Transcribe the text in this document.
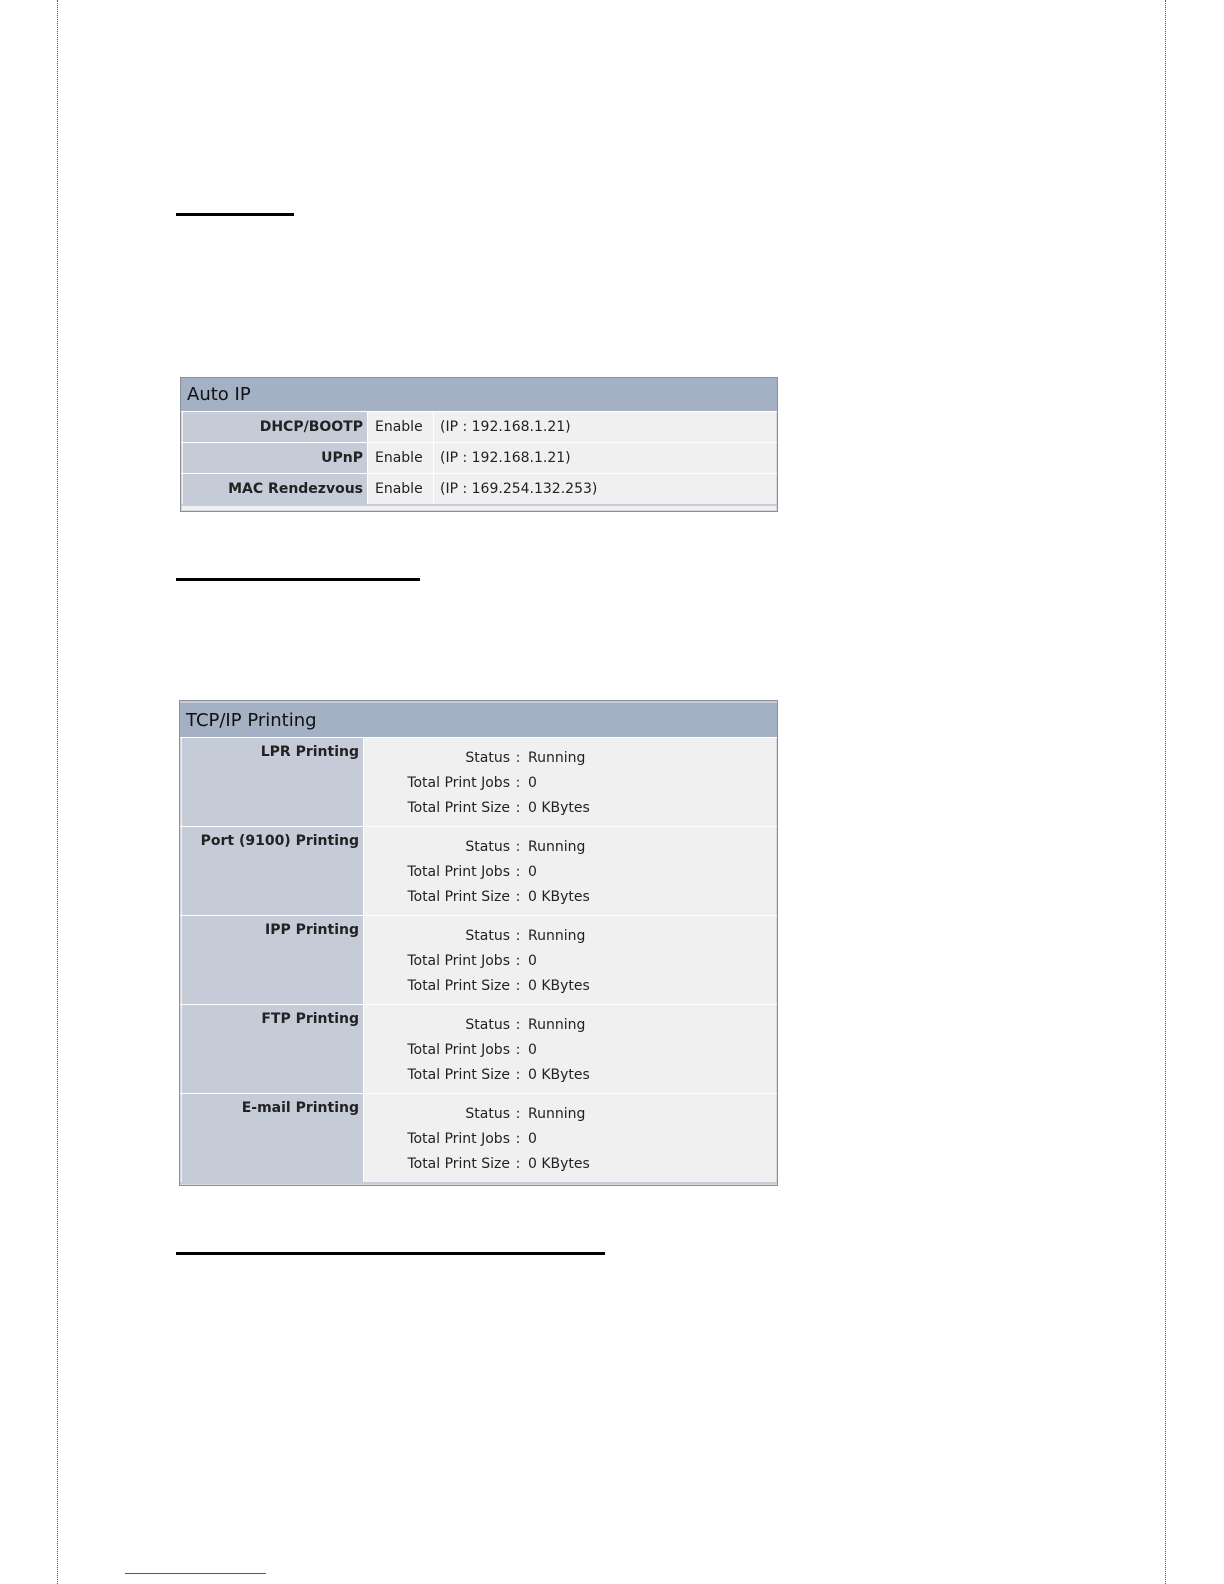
Auto IP
DHCP/BOOTP Enable	(IP : 192.168.1.21)
UPnP Enable	(IP : 192.168.1.21)
MAC Rendezvous Enable	(IP : 169.254.132.253)
TCP/IP Printing
LPR Printing	Status : Running
Total Print Jobs : 0
Total Print Size : 0 KBytes
Port (9100) Printing	Status : Running
Total Print Jobs : 0
Total Print Size : 0 KBytes
IPP Printing	Status : Running
Total Print Jobs : 0
Total Print Size : 0 KBytes
FTP Printing	Status : Running
Total Print Jobs : 0
Total Print Size : 0 KBytes
E-mail Printing	Status : Running
Total Print Jobs : 0
Total Print Size : 0 KBytes
